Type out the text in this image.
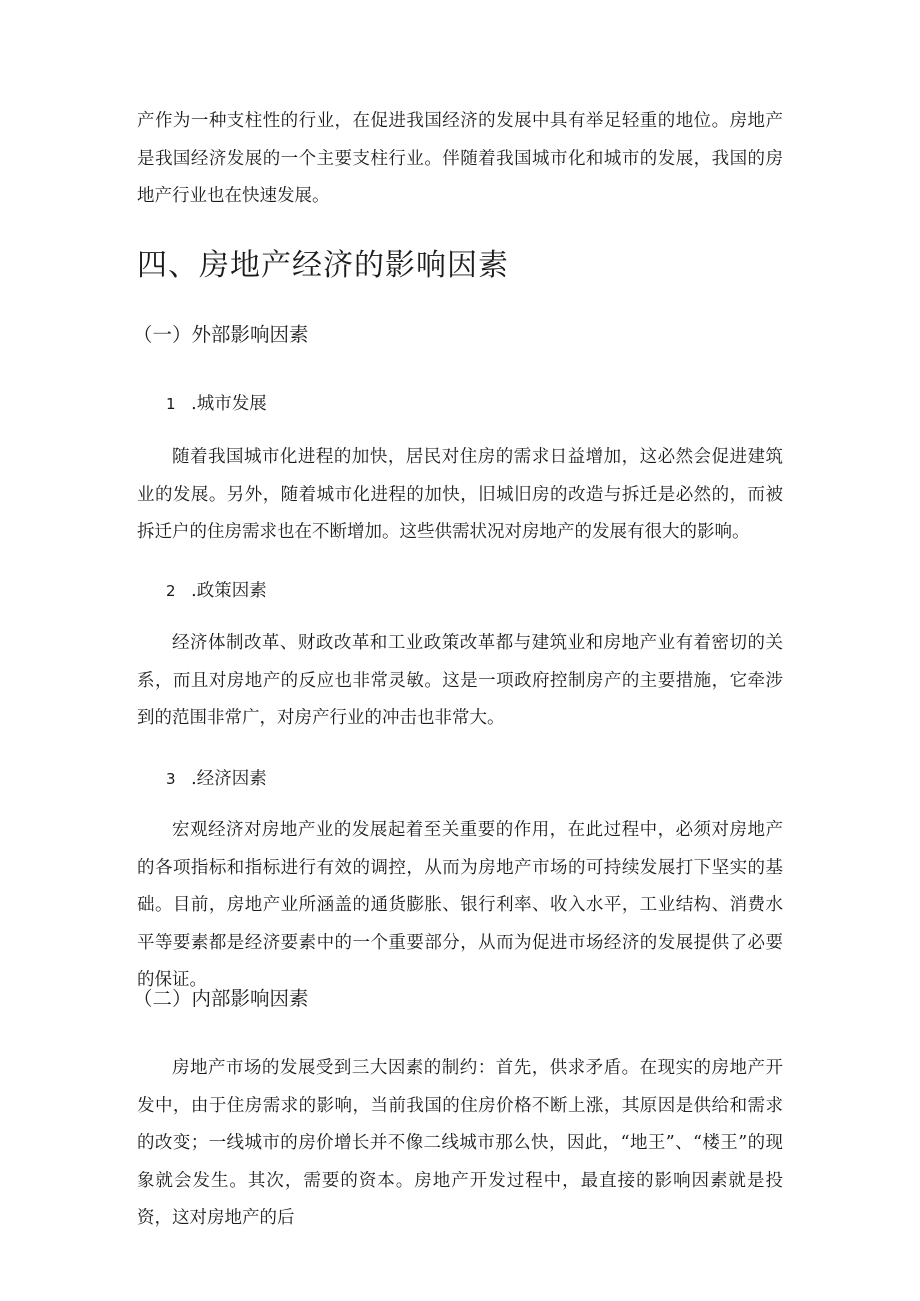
产作为一种支柱性的行业，在促进我国经济的发展中具有举足轻重的地位。房地产是我国经济发展的一个主要支柱行业。伴随着我国城市化和城市的发展，我国的房地产行业也在快速发展。

四、房地产经济的影响因素
（一）外部影响因素
1 .城市发展

随着我国城市化进程的加快，居民对住房的需求日益增加，这必然会促进建筑业的发展。另外，随着城市化进程的加快，旧城旧房的改造与拆迁是必然的，而被拆迁户的住房需求也在不断增加。这些供需状况对房地产的发展有很大的影响。

2 .政策因素

经济体制改革、财政改革和工业政策改革都与建筑业和房地产业有着密切的关系，而且对房地产的反应也非常灵敏。这是一项政府控制房产的主要措施，它牵涉到的范围非常广，对房产行业的冲击也非常大。

3 .经济因素

宏观经济对房地产业的发展起着至关重要的作用，在此过程中，必须对房地产的各项指标和指标进行有效的调控，从而为房地产市场的可持续发展打下坚实的基础。目前，房地产业所涵盖的通货膨胀、银行利率、收入水平，工业结构、消费水平等要素都是经济要素中的一个重要部分，从而为促进市场经济的发展提供了必要的保证。

（二）内部影响因素

房地产市场的发展受到三大因素的制约：首先，供求矛盾。在现实的房地产开发中，由于住房需求的影响，当前我国的住房价格不断上涨，其原因是供给和需求的改变；一线城市的房价增长并不像二线城市那么快，因此，“地王”、“楼王”的现象就会发生。其次，需要的资本。房地产开发过程中，最直接的影响因素就是投资，这对房地产的后
